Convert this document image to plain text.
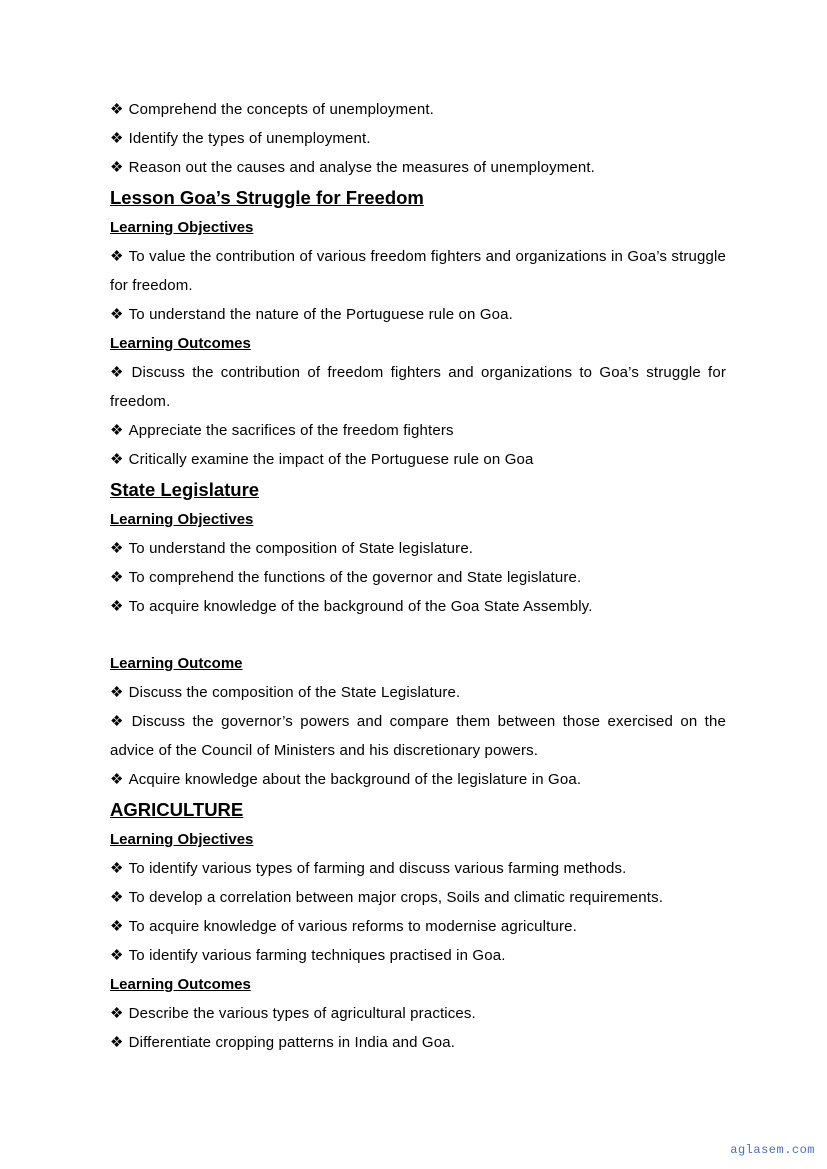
❖ Comprehend the concepts of unemployment.

❖ Identify the types of unemployment.

❖ Reason out the causes and analyse the measures of unemployment.

Lesson Goa’s Struggle for Freedom
Learning Objectives

❖ To value the contribution of various freedom fighters and organizations in Goa’s struggle for freedom.

❖ To understand the nature of the Portuguese rule on Goa.

Learning Outcomes

❖ Discuss the contribution of freedom fighters and organizations to Goa’s struggle for freedom.

❖ Appreciate the sacrifices of the freedom fighters

❖ Critically examine the impact of the Portuguese rule on Goa

State Legislature
Learning Objectives

❖ To understand the composition of State legislature.

❖ To comprehend the functions of the governor and State legislature.

❖ To acquire knowledge of the background of the Goa State Assembly.

Learning Outcome

❖ Discuss the composition of the State Legislature.

❖ Discuss the governor’s powers and compare them between those exercised on the advice of the Council of Ministers and his discretionary powers.

❖ Acquire knowledge about the background of the legislature in Goa.

AGRICULTURE
Learning Objectives

❖ To identify various types of farming and discuss various farming methods.

❖ To develop a correlation between major crops, Soils and climatic requirements.

❖ To acquire knowledge of various reforms to modernise agriculture.

❖ To identify various farming techniques practised in Goa.

Learning Outcomes

❖ Describe the various types of agricultural practices.

❖ Differentiate cropping patterns in India and Goa.

aglasem.com
